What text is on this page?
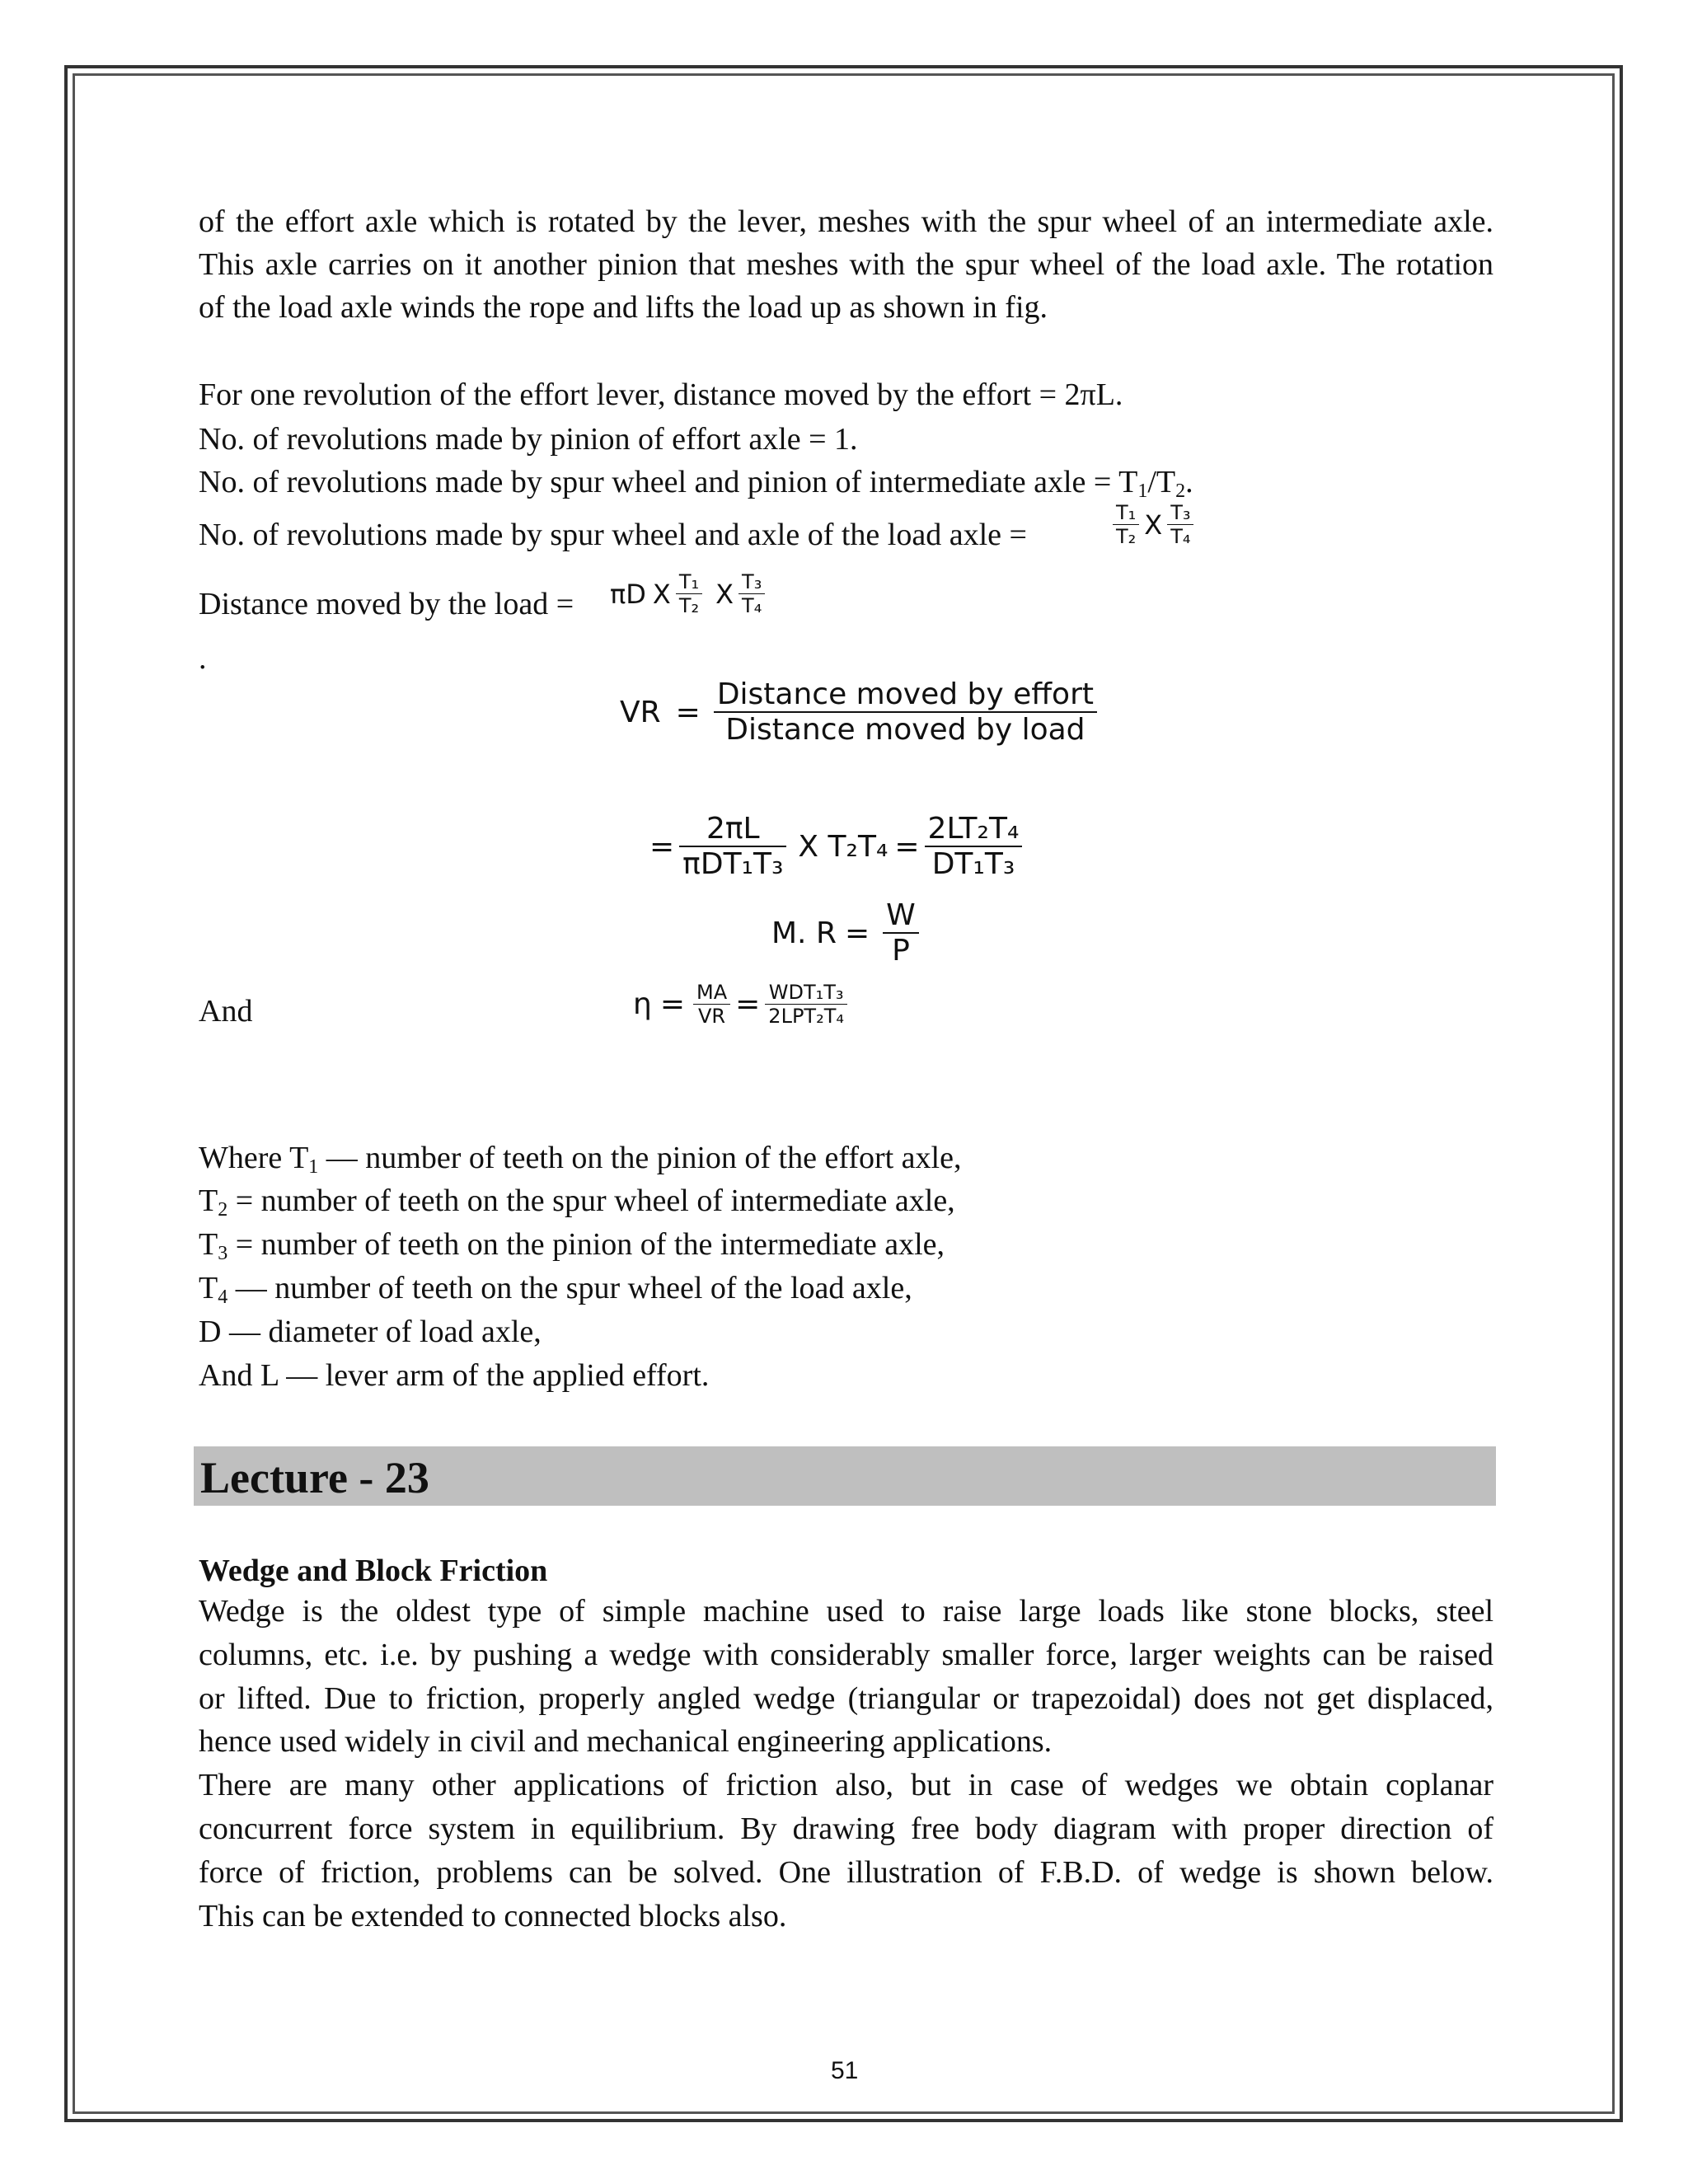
of the effort axle which is rotated by the lever, meshes with the spur wheel of an intermediate axle.
This axle carries on it another pinion that meshes with the spur wheel of the load axle. The rotation
of the load axle winds the rope and lifts the load up as shown in fig.
For one revolution of the effort lever, distance moved by the effort = 2πL.
No. of revolutions made by pinion of effort axle = 1.
No. of revolutions made by spur wheel and pinion of intermediate axle = $T_1/T_2$.
No. of revolutions made by spur wheel and axle of the load axle =	$\frac{\text{T₁}}{\text{T₂}}$ X $\frac{\text{T₃}}{\text{T₄}}$
Distance moved by the load = πD X $\frac{\text{T₁}}{\text{T₂}}$ X $\frac{\text{T₃}}{\text{T₄}}$
.
VR = $\frac{\text{Distance moved by effort}}{\text{Distance moved by load}}$
= $\frac{2\pi L}{\text{πDT₁T₃}}$ X $T_2T_4 = \frac{\text{2LT₂T₄}}{\text{DT₁T₃}}$
M. $R = \frac{W}{P}$
And	$\eta = \frac{MA}{VR} = \frac{\text{WDT₁T₃}}{\text{2LPT₂T₄}}$
Where $T_1$ — number of teeth on the pinion of the effort axle,
$T_2$ = number of teeth on the spur wheel of intermediate axle,
$T_3$ = number of teeth on the pinion of the intermediate axle,
$T_4$ — number of teeth on the spur wheel of the load axle,
D — diameter of load axle,
And L — lever arm of the applied effort.
Lecture - 23
Wedge and Block Friction
Wedge is the oldest type of simple machine used to raise large loads like stone blocks, steel
columns, etc. i.e. by pushing a wedge with considerably smaller force, larger weights can be raised
or lifted. Due to friction, properly angled wedge (triangular or trapezoidal) does not get displaced,
hence used widely in civil and mechanical engineering applications.
There are many other applications of friction also, but in case of wedges we obtain coplanar
concurrent force system in equilibrium. By drawing free body diagram with proper direction of
force of friction, problems can be solved. One illustration of F.B.D. of wedge is shown below.
This can be extended to connected blocks also.
51
